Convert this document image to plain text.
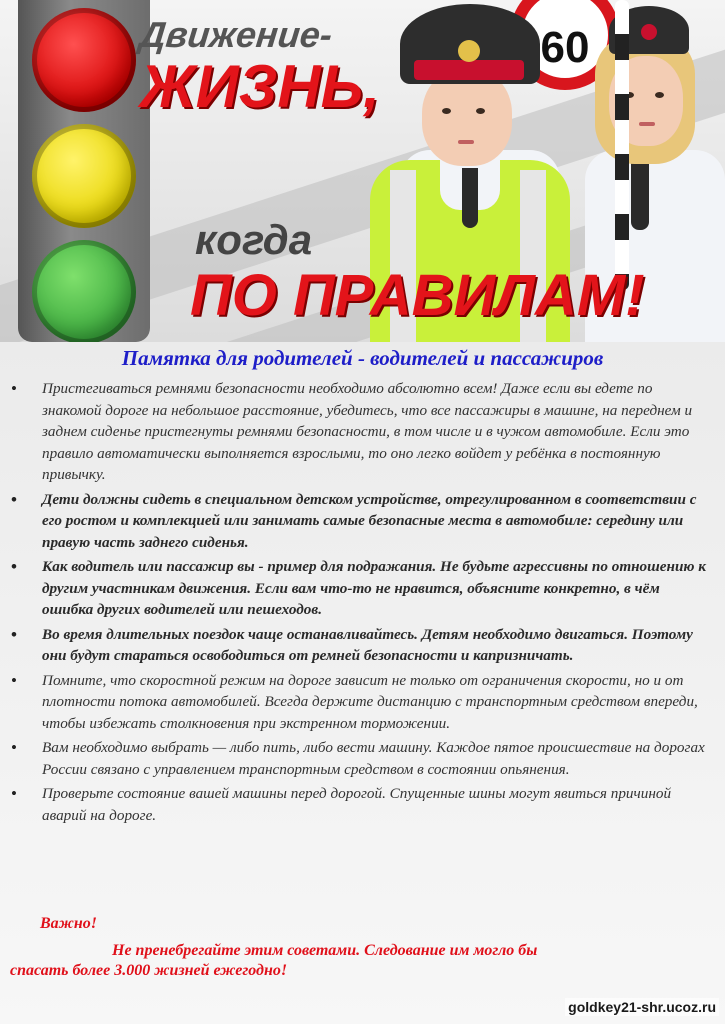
60
Движение-
ЖИЗНЬ,
когда
ПО ПРАВИЛАМ!
Памятка для родителей - водителей и пассажиров
• Пристегиваться ремнями безопасности необходимо абсолютно всем! Даже если вы едете по знакомой дороге на небольшое расстояние, убедитесь, что все пассажиры в машине, на переднем и заднем сиденье пристегнуты ремнями безопасности, в том числе и в чужом автомобиле. Если это правило автоматически выполняется взрослыми, то оно легко войдет у ребёнка в постоянную привычку.
• Дети должны сидеть в специальном детском устройстве, отрегулированном в соответствии с его ростом и комплекцией или занимать самые безопасные места в автомобиле: середину или правую часть заднего сиденья.
• Как водитель или пассажир вы - пример для подражания. Не будьте агрессивны по отношению к другим участникам движения. Если вам что-то не нравится, объясните конкретно, в чём ошибка других водителей или пешеходов.
• Во время длительных поездок чаще останавливайтесь. Детям необходимо двигаться. Поэтому они будут стараться освободиться от ремней безопасности и капризничать.
• Помните, что скоростной режим на дороге зависит не только от ограничения скорости, но и от плотности потока автомобилей. Всегда держите дистанцию с транспортным средством впереди, чтобы избежать столкновения при экстренном торможении.
• Вам необходимо выбрать — либо пить, либо вести машину. Каждое пятое происшествие на дорогах России связано с управлением транспортным средством в состоянии опьянения.
• Проверьте состояние вашей машины перед дорогой. Спущенные шины могут явиться причиной аварий на дороге.
Важно!
Не пренебрегайте этим советами. Следование им могло бы
спасать более 3.000 жизней ежегодно!
goldkey21-shr.ucoz.ru
